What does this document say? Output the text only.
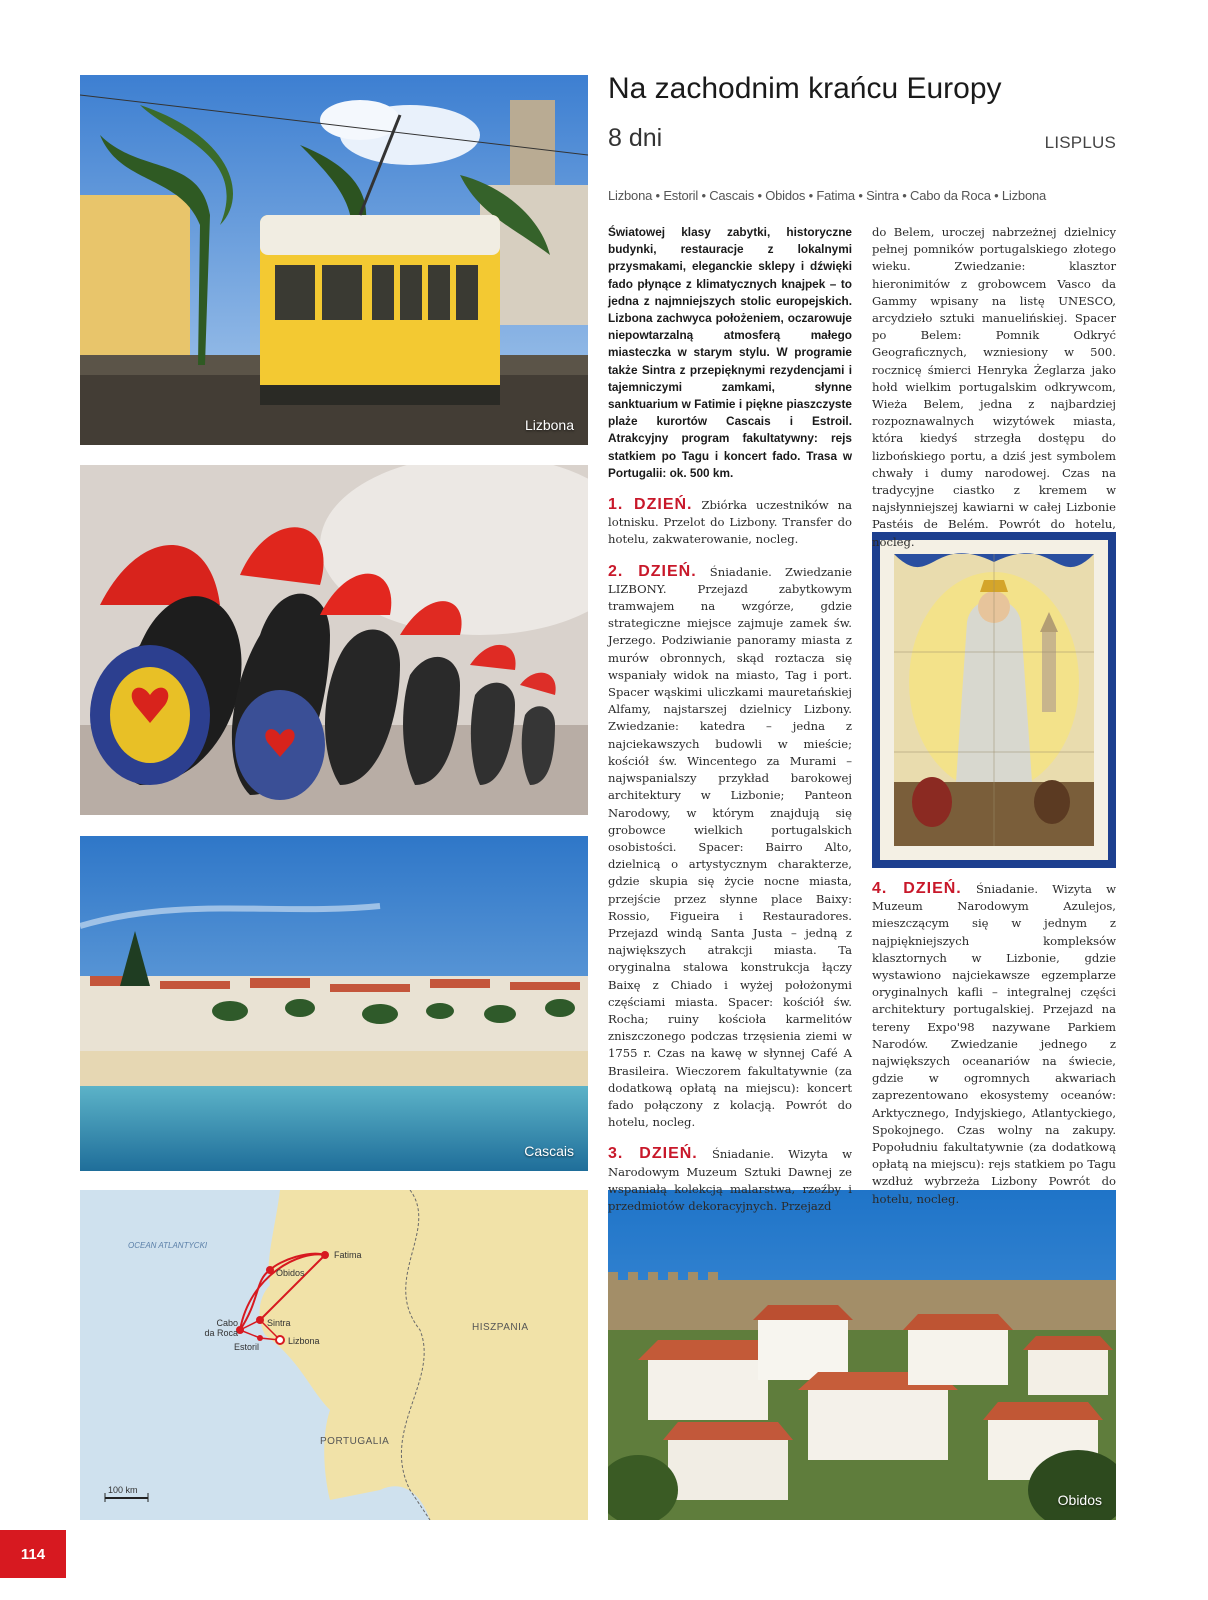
Lizbona
Cascais
OCEAN ATLANTYCKI
Fatima
Obidos
Sintra
Cabo da Roca
Estoril
Lizbona
HISZPANIA
PORTUGALIA
100 km
Obidos
Na zachodnim krańcu Europy
8 dni	LISPLUS
Lizbona • Estoril • Cascais • Obidos • Fatima • Sintra • Cabo da Roca • Lizbona

Światowej klasy zabytki, historyczne budynki, restauracje z lokalnymi przysmakami, eleganckie sklepy i dźwięki fado płynące z klimatycznych knajpek – to jedna z najmniejszych stolic europejskich. Lizbona zachwyca położeniem, oczarowuje niepowtarzalną atmosferą małego miasteczka w starym stylu. W programie także Sintra z przepięknymi rezydencjami i tajemniczymi zamkami, słynne sanktuarium w Fatimie i piękne piaszczyste plaże kurortów Cascais i Estroil. Atrakcyjny program fakultatywny: rejs statkiem po Tagu i koncert fado. Trasa w Portugalii: ok. 500 km.

1. DZIEŃ. Zbiórka uczestników na lotnisku. Przelot do Lizbony. Transfer do hotelu, zakwaterowanie, nocleg.

2. DZIEŃ. Śniadanie. Zwiedzanie LIZBONY. Przejazd zabytkowym tramwajem na wzgórze, gdzie strategiczne miejsce zajmuje zamek św. Jerzego. Podziwianie panoramy miasta z murów obronnych, skąd roztacza się wspaniały widok na miasto, Tag i port. Spacer wąskimi uliczkami mauretańskiej Alfamy, najstarszej dzielnicy Lizbony. Zwiedzanie: katedra – jedna z najciekawszych budowli w mieście; kościół św. Wincentego za Murami – najwspanialszy przykład barokowej architektury w Lizbonie; Panteon Narodowy, w którym znajdują się grobowce wielkich portugalskich osobistości. Spacer: Bairro Alto, dzielnicą o artystycznym charakterze, gdzie skupia się życie nocne miasta, przejście przez słynne place Baixy: Rossio, Figueira i Restauradores. Przejazd windą Santa Justa – jedną z największych atrakcji miasta. Ta oryginalna stalowa konstrukcja łączy Baixę z Chiado i wyżej położonymi częściami miasta. Spacer: kościół św. Rocha; ruiny kościoła karmelitów zniszczonego podczas trzęsienia ziemi w 1755 r. Czas na kawę w słynnej Café A Brasileira. Wieczorem fakultatywnie (za dodatkową opłatą na miejscu): koncert fado połączony z kolacją. Powrót do hotelu, nocleg.

3. DZIEŃ. Śniadanie. Wizyta w Narodowym Muzeum Sztuki Dawnej ze wspaniałą kolekcją malarstwa, rzeźby i przedmiotów dekoracyjnych. Przejazd

do Belem, uroczej nabrzeżnej dzielnicy pełnej pomników portugalskiego złotego wieku. Zwiedzanie: klasztor hieronimitów z grobowcem Vasco da Gammy wpisany na listę UNESCO, arcydzieło sztuki manuelińskiej. Spacer po Belem: Pomnik Odkryć Geograficznych, wzniesiony w 500. rocznicę śmierci Henryka Żeglarza jako hołd wielkim portugalskim odkrywcom, Wieża Belem, jedna z najbardziej rozpoznawalnych wizytówek miasta, która kiedyś strzegła dostępu do lizbońskiego portu, a dziś jest symbolem chwały i dumy narodowej. Czas na tradycyjne ciastko z kremem w najsłynniejszej kawiarni w całej Lizbonie Pastéis de Belém. Powrót do hotelu, nocleg.

4. DZIEŃ. Śniadanie. Wizyta w Muzeum Narodowym Azulejos, mieszczącym się w jednym z najpiękniejszych kompleksów klasztornych w Lizbonie, gdzie wystawiono najciekawsze egzemplarze oryginalnych kafli – integralnej części architektury portugalskiej. Przejazd na tereny Expo'98 nazywane Parkiem Narodów. Zwiedzanie jednego z największych oceanariów na świecie, gdzie w ogromnych akwariach zaprezentowano ekosystemy oceanów: Arktycznego, Indyjskiego, Atlantyckiego, Spokojnego. Czas wolny na zakupy. Popołudniu fakultatywnie (za dodatkową opłatą na miejscu): rejs statkiem po Tagu wzdłuż wybrzeża Lizbony Powrót do hotelu, nocleg.

114
